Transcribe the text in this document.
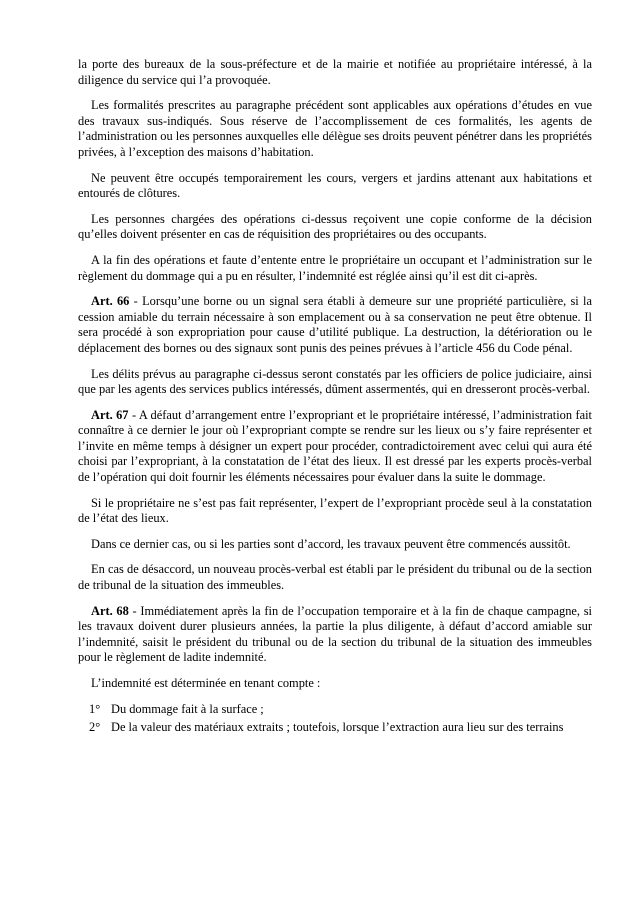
la porte des bureaux de la sous-préfecture et de la mairie et notifiée au propriétaire intéressé, à la diligence du service qui l’a provoquée.

Les formalités prescrites au paragraphe précédent sont applicables aux opérations d’études en vue des travaux sus-indiqués. Sous réserve de l’accomplissement de ces formalités, les agents de l’administration ou les personnes auxquelles elle délègue ses droits peuvent pénétrer dans les propriétés privées, à l’exception des maisons d’habitation.

Ne peuvent être occupés temporairement les cours, vergers et jardins attenant aux habitations et entourés de clôtures.

Les personnes chargées des opérations ci-dessus reçoivent une copie conforme de la décision qu’elles doivent présenter en cas de réquisition des propriétaires ou des occupants.

A la fin des opérations et faute d’entente entre le propriétaire un occupant et l’administration sur le règlement du dommage qui a pu en résulter, l’indemnité est réglée ainsi qu’il est dit ci-après.

Art. 66 - Lorsqu’une borne ou un signal sera établi à demeure sur une propriété particulière, si la cession amiable du terrain nécessaire à son emplacement ou à sa conservation ne peut être obtenue. Il sera procédé à son expropriation pour cause d’utilité publique. La destruction, la détérioration ou le déplacement des bornes ou des signaux sont punis des peines prévues à l’article 456 du Code pénal.

Les délits prévus au paragraphe ci-dessus seront constatés par les officiers de police judiciaire, ainsi que par les agents des services publics intéressés, dûment assermentés, qui en dresseront procès-verbal.

Art. 67 - A défaut d’arrangement entre l’expropriant et le propriétaire intéressé, l’administration fait connaître à ce dernier le jour où l’expropriant compte se rendre sur les lieux ou s’y faire représenter et l’invite en même temps à désigner un expert pour procéder, contradictoirement avec celui qui aura été choisi par l’expropriant, à la constatation de l’état des lieux. Il est dressé par les experts procès-verbal de l’opération qui doit fournir les éléments nécessaires pour évaluer dans la suite le dommage.

Si le propriétaire ne s’est pas fait représenter, l’expert de l’expropriant procède seul à la constatation de l’état des lieux.

Dans ce dernier cas, ou si les parties sont d’accord, les travaux peuvent être commencés aussitôt.

En cas de désaccord, un nouveau procès-verbal est établi par le président du tribunal ou de la section de tribunal de la situation des immeubles.

Art. 68 - Immédiatement après la fin de l’occupation temporaire et à la fin de chaque campagne, si les travaux doivent durer plusieurs années, la partie la plus diligente, à défaut d’accord amiable sur l’indemnité, saisit le président du tribunal ou de la section du tribunal de la situation des immeubles pour le règlement de ladite indemnité.

L’indemnité est déterminée en tenant compte :

1° Du dommage fait à la surface ;
2° De la valeur des matériaux extraits ; toutefois, lorsque l’extraction aura lieu sur des terrains
